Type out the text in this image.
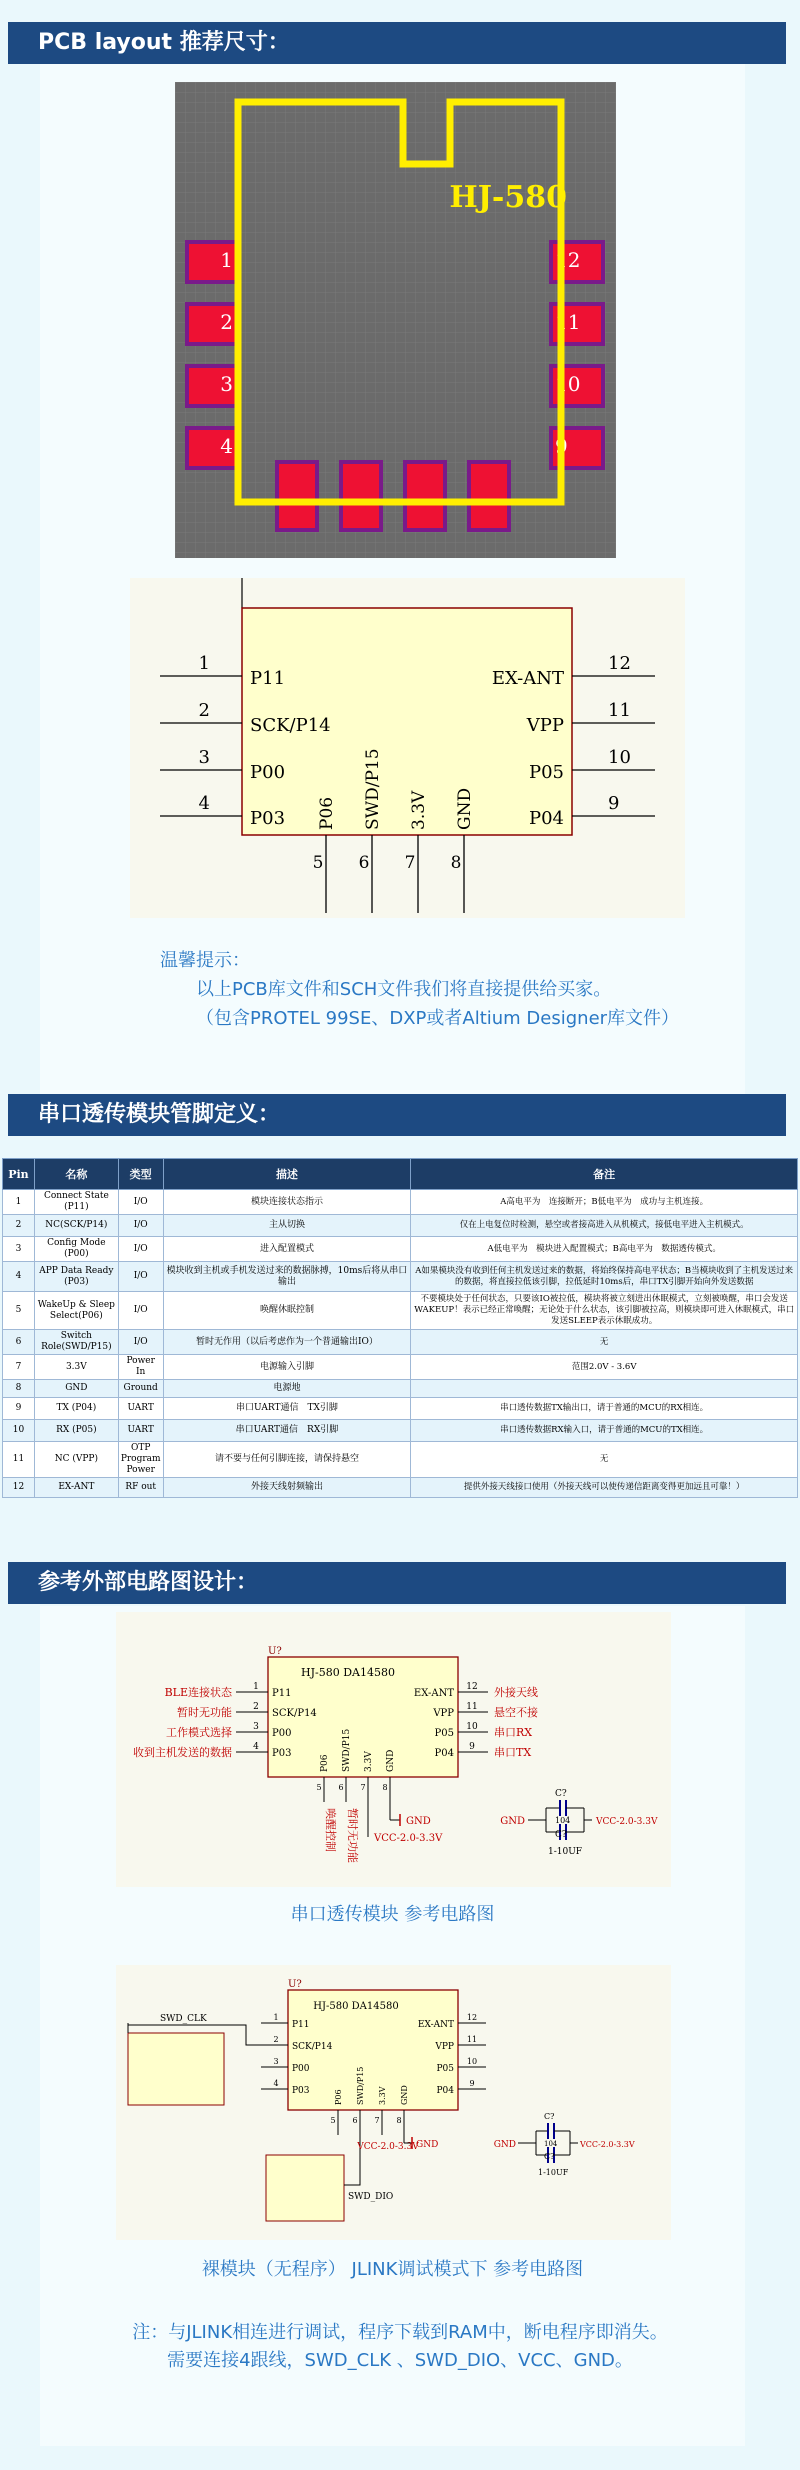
PCB layout 推荐尺寸：
1
2
3
4
12
11
10
9
HJ-580
1
P11
2
SCK/P14
3
P00
4
P03
12
EX-ANT
11
VPP
10
P05
9
P04
5
P06
6
SWD/P15
7
3.3V
8
GND
温馨提示：
以上PCB库文件和SCH文件我们将直接提供给买家。
（包含PROTEL 99SE、DXP或者Altium Designer库文件）
串口透传模块管脚定义：
Pin	名称	类型	描述	备注
1	Connect State (P11)	I/O	模块连接状态指示	A高电平为　连接断开；B低电平为　成功与主机连接。
2	NC(SCK/P14)	I/O	主从切换	仅在上电复位时检测，悬空或者接高进入从机模式，接低电平进入主机模式。
3	Config Mode (P00)	I/O	进入配置模式	A低电平为　模块进入配置模式；B高电平为　数据透传模式。
4	APP Data Ready (P03)	I/O	模块收到主机或手机发送过来的数据脉搏，10ms后将从串口输出	A如果模块没有收到任何主机发送过来的数据，将始终保持高电平状态；B当模块收到了主机发送过来的数据，将直接拉低该引脚，拉低延时10ms后，串口TX引脚开始向外发送数据
5	WakeUp & Sleep Select(P06)	I/O	唤醒休眠控制	不要模块处于任何状态，只要该IO被拉低，模块将被立刻进出休眠模式，立刻被唤醒，串口会发送WAKEUP！表示已经正常唤醒；无论处于什么状态，该引脚被拉高，则模块即可进入休眠模式，串口发送SLEEP表示休眠成功。
6	Switch Role(SWD/P15)	I/O	暂时无作用（以后考虑作为一个普通输出IO）	无
7	3.3V	Power In	电源输入引脚	范围2.0V - 3.6V
8	GND	Ground	电源地	
9	TX (P04)	UART	串口UART通信　TX引脚	串口透传数据TX输出口，请于普通的MCU的RX相连。
10	RX (P05)	UART	串口UART通信　RX引脚	串口透传数据RX输入口，请于普通的MCU的TX相连。
11	NC (VPP)	OTP Program Power	请不要与任何引脚连接，请保持悬空	无
12	EX-ANT	RF out	外接天线射频输出	提供外接天线接口使用（外接天线可以使传递信距离变得更加远且可靠！）
参考外部电路图设计：
U?
HJ-580 DA14580
1
P11
BLE连接状态
2
SCK/P14
暂时无功能
3
P00
工作模式选择
4
P03
收到主机发送的数据
12
EX-ANT	外接天线
11
VPP	悬空不接
10
P05	串口RX
9
P04	串口TX
5
P06
6
SWD/P15
7
3.3V
8
GND
唤醒控制 暂时无功能 VCC-2.0-3.3V
GND	GND	VCC-2.0-3.3V
C?
104
C?
1-10UF
串口透传模块 参考电路图
U?
HJ-580 DA14580
1
P11
2
SCK/P14
3
P00
4
P03
12
EX-ANT
11
VPP
10
P05
9
P04
5
P06
6
SWD/P15
7
3.3V
8
GND
SWD_CLK
SWD_DIO
VCC-2.0-3.3V
GND	GND	VCC-2.0-3.3V
C?
104
C?
1-10UF
裸模块（无程序） JLINK调试模式下 参考电路图
注：与JLINK相连进行调试，程序下载到RAM中，断电程序即消失。
需要连接4跟线，SWD_CLK 、SWD_DIO、VCC、GND。
